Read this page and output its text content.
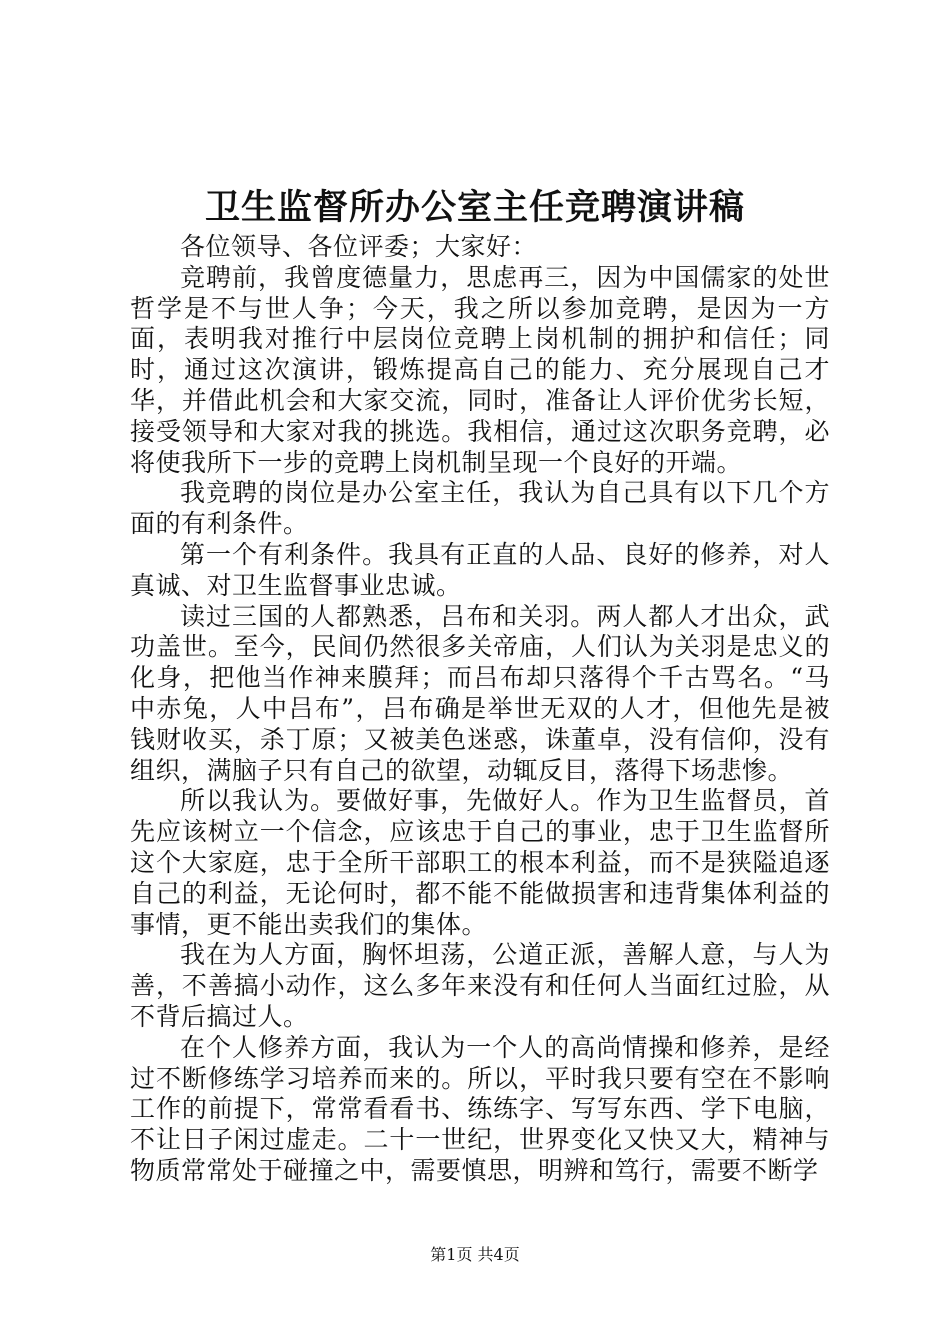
卫生监督所办公室主任竞聘演讲稿

各位领导、各位评委；大家好：

竞聘前，我曾度德量力，思虑再三，因为中国儒家的处世哲学是不与世人争；今天，我之所以参加竞聘，是因为一方面，表明我对推行中层岗位竞聘上岗机制的拥护和信任；同时，通过这次演讲，锻炼提高自己的能力、充分展现自己才华，并借此机会和大家交流，同时，准备让人评价优劣长短，接受领导和大家对我的挑选。我相信，通过这次职务竞聘，必将使我所下一步的竞聘上岗机制呈现一个良好的开端。

我竞聘的岗位是办公室主任，我认为自己具有以下几个方面的有利条件。

第一个有利条件。我具有正直的人品、良好的修养，对人真诚、对卫生监督事业忠诚。

读过三国的人都熟悉，吕布和关羽。两人都人才出众，武功盖世。至今，民间仍然很多关帝庙，人们认为关羽是忠义的化身，把他当作神来膜拜；而吕布却只落得个千古骂名。“马中赤兔，人中吕布”，吕布确是举世无双的人才，但他先是被钱财收买，杀丁原；又被美色迷惑，诛董卓，没有信仰，没有组织，满脑子只有自己的欲望，动辄反目，落得下场悲惨。

所以我认为。要做好事，先做好人。作为卫生监督员，首先应该树立一个信念，应该忠于自己的事业，忠于卫生监督所这个大家庭，忠于全所干部职工的根本利益，而不是狭隘追逐自己的利益，无论何时，都不能不能做损害和违背集体利益的事情，更不能出卖我们的集体。

我在为人方面，胸怀坦荡，公道正派，善解人意，与人为善，不善搞小动作，这么多年来没有和任何人当面红过脸，从不背后搞过人。

在个人修养方面，我认为一个人的高尚情操和修养，是经过不断修练学习培养而来的。所以，平时我只要有空在不影响工作的前提下，常常看看书、练练字、写写东西、学下电脑，不让日子闲过虚走。二十一世纪，世界变化又快又大，精神与物质常常处于碰撞之中，需要慎思，明辨和笃行，需要不断学

第1页 共4页
